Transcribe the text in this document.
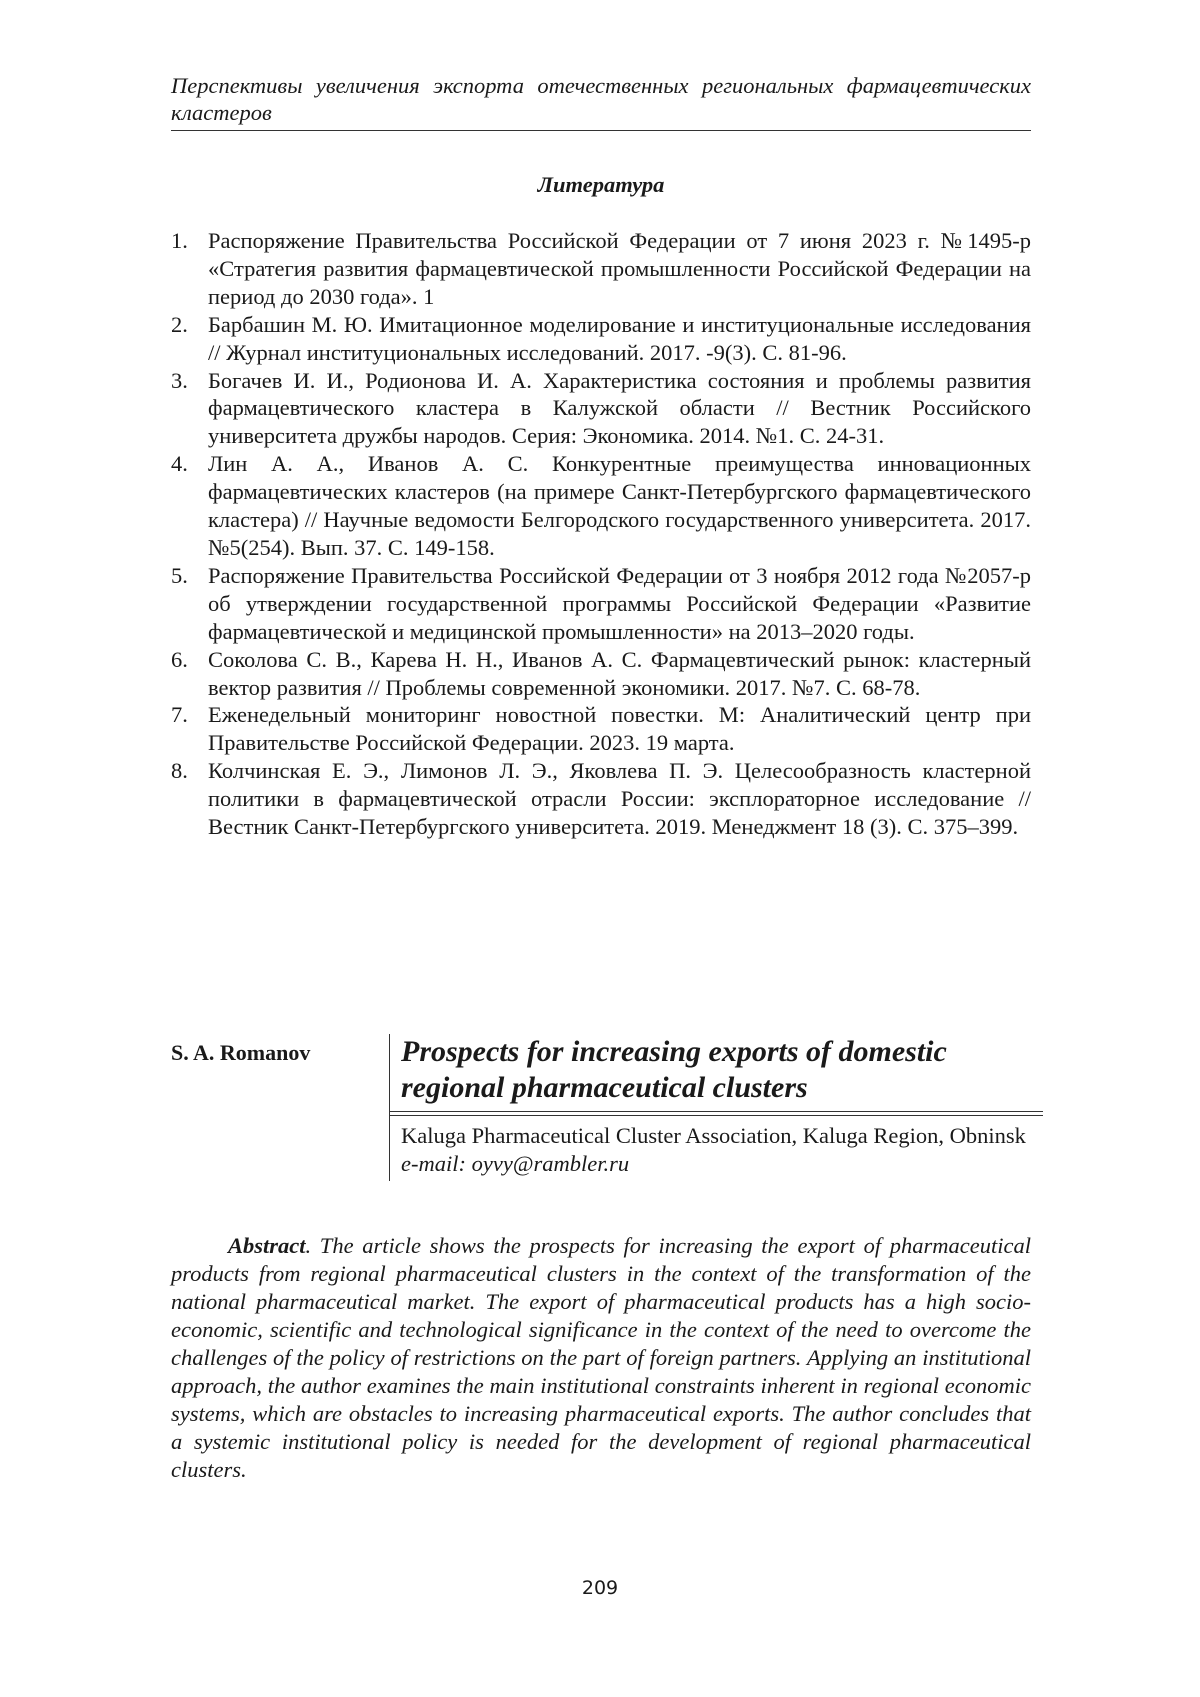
Перспективы увеличения экспорта отечественных региональных фармацевтических кластеров
Литература
1. Распоряжение Правительства Российской Федерации от 7 июня 2023 г. №1495-р «Стратегия развития фармацевтической промышленности Российской Федерации на период до 2030 года». 1
2. Барбашин М. Ю. Имитационное моделирование и институциональные исследования // Журнал институциональных исследований. 2017. -9(3). С. 81-96.
3. Богачев И. И., Родионова И. А. Характеристика состояния и проблемы развития фармацевтического кластера в Калужской области // Вестник Российского университета дружбы народов. Серия: Экономика. 2014. №1. С. 24-31.
4. Лин А. А., Иванов А. С. Конкурентные преимущества инновационных фармацевтических кластеров (на примере Санкт-Петербургского фармацевтического кластера) // Научные ведомости Белгородского государственного университета. 2017. №5(254). Вып. 37. С. 149-158.
5. Распоряжение Правительства Российской Федерации от 3 ноября 2012 года №2057-р об утверждении государственной программы Российской Федерации «Развитие фармацевтической и медицинской промышленности» на 2013–2020 годы.
6. Соколова С. В., Карева Н. Н., Иванов А. С. Фармацевтический рынок: кластерный вектор развития // Проблемы современной экономики. 2017. №7. С. 68-78.
7. Еженедельный мониторинг новостной повестки. М: Аналитический центр при Правительстве Российской Федерации. 2023. 19 марта.
8. Колчинская Е. Э., Лимонов Л. Э., Яковлева П. Э. Целесообразность кластерной политики в фармацевтической отрасли России: эксплораторное исследование // Вестник Санкт-Петербургского университета. 2019. Менеджмент 18 (3). С. 375–399.
S. A. Romanov	Prospects for increasing exports of domestic regional pharmaceutical clusters
Kaluga Pharmaceutical Cluster Association, Kaluga Region, Obninsk
e-mail: oyvy@rambler.ru

Abstract. The article shows the prospects for increasing the export of pharmaceutical products from regional pharmaceutical clusters in the context of the transformation of the national pharmaceutical market. The export of pharmaceutical products has a high socio-economic, scientific and technological significance in the context of the need to overcome the challenges of the policy of restrictions on the part of foreign partners. Applying an institutional approach, the author examines the main institutional constraints inherent in regional economic systems, which are obstacles to increasing pharmaceutical exports. The author concludes that a systemic institutional policy is needed for the development of regional pharmaceutical clusters.

209
